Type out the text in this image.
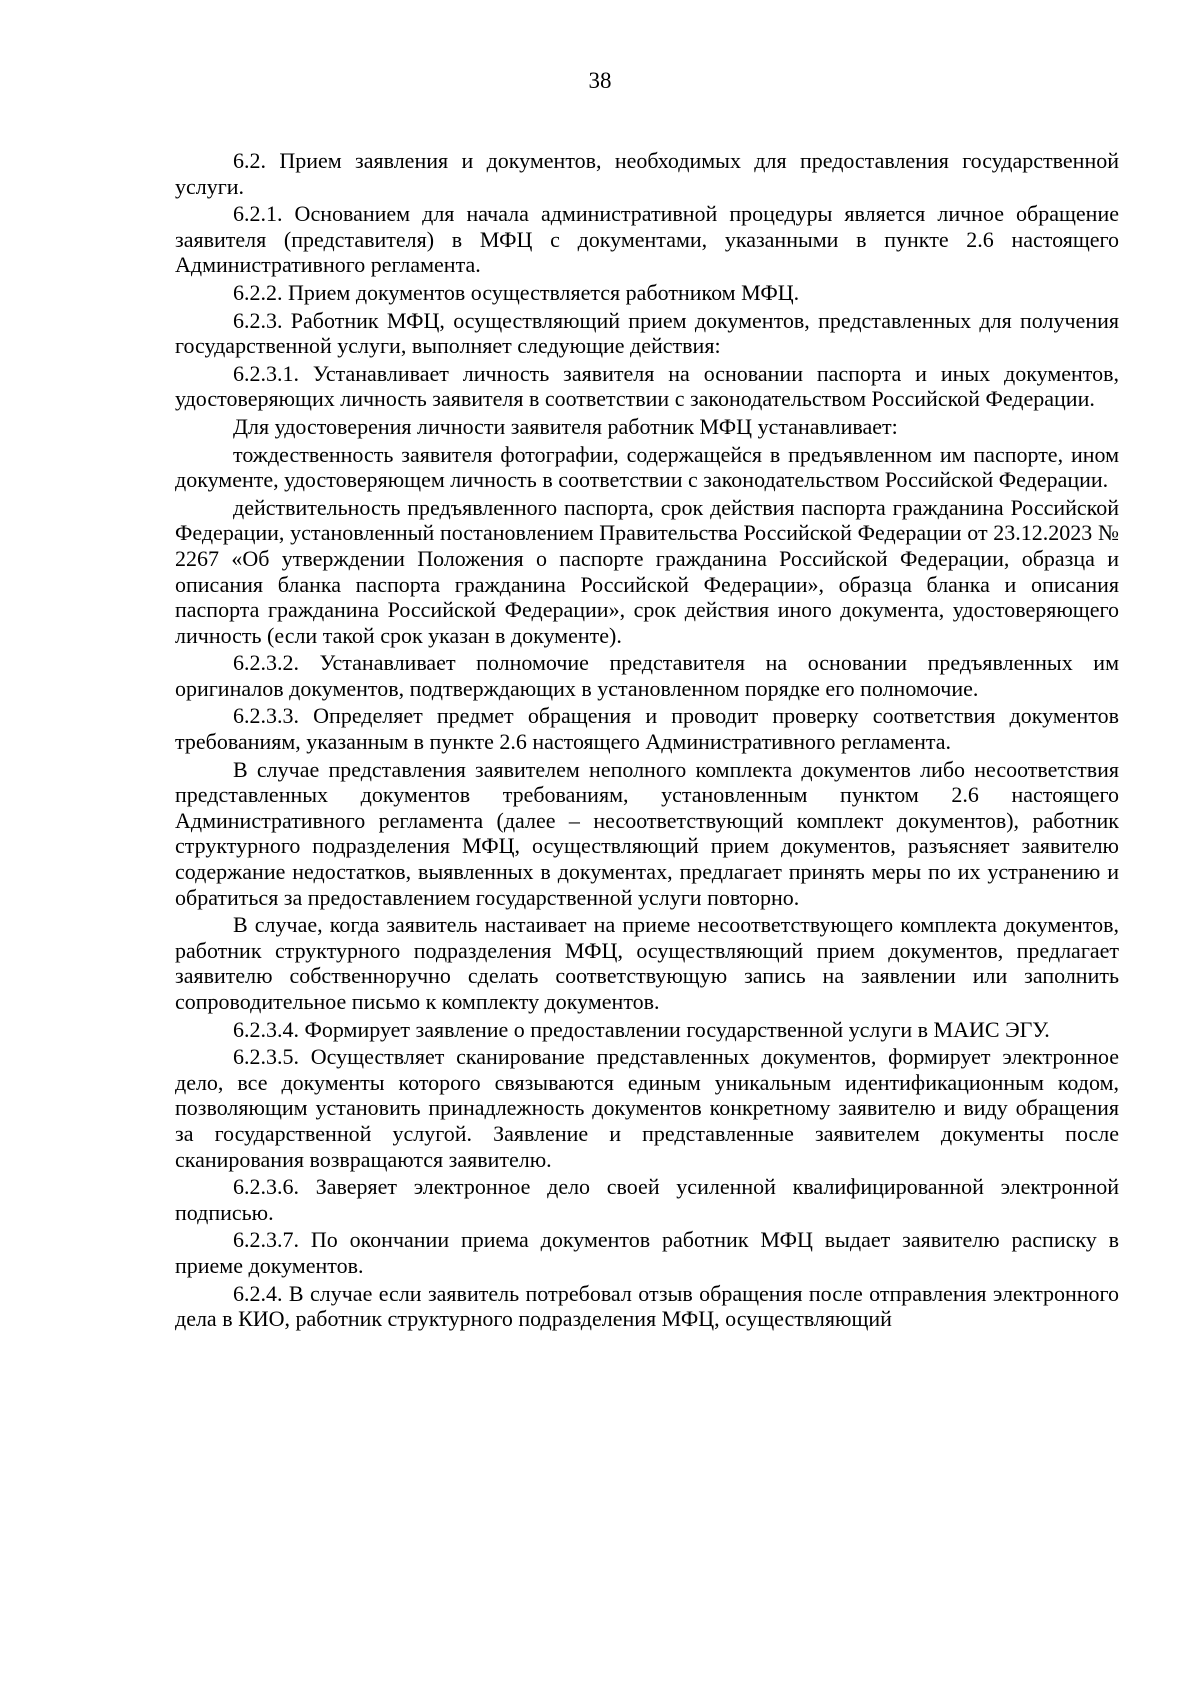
38

6.2. Прием заявления и документов, необходимых для предоставления государственной услуги.

6.2.1. Основанием для начала административной процедуры является личное обращение заявителя (представителя) в МФЦ с документами, указанными в пункте 2.6 настоящего Административного регламента.

6.2.2. Прием документов осуществляется работником МФЦ.

6.2.3. Работник МФЦ, осуществляющий прием документов, представленных для получения государственной услуги, выполняет следующие действия:

6.2.3.1. Устанавливает личность заявителя на основании паспорта и иных документов, удостоверяющих личность заявителя в соответствии с законодательством Российской Федерации.

Для удостоверения личности заявителя работник МФЦ устанавливает:

тождественность заявителя фотографии, содержащейся в предъявленном им паспорте, ином документе, удостоверяющем личность в соответствии с законодательством Российской Федерации.

действительность предъявленного паспорта, срок действия паспорта гражданина Российской Федерации, установленный постановлением Правительства Российской Федерации от 23.12.2023 № 2267 «Об утверждении Положения о паспорте гражданина Российской Федерации, образца и описания бланка паспорта гражданина Российской Федерации», образца бланка и описания паспорта гражданина Российской Федерации», срок действия иного документа, удостоверяющего личность (если такой срок указан в документе).

6.2.3.2. Устанавливает полномочие представителя на основании предъявленных им оригиналов документов, подтверждающих в установленном порядке его полномочие.

6.2.3.3. Определяет предмет обращения и проводит проверку соответствия документов требованиям, указанным в пункте 2.6 настоящего Административного регламента.

В случае представления заявителем неполного комплекта документов либо несоответствия представленных документов требованиям, установленным пунктом 2.6 настоящего Административного регламента (далее – несоответствующий комплект документов), работник структурного подразделения МФЦ, осуществляющий прием документов, разъясняет заявителю содержание недостатков, выявленных в документах, предлагает принять меры по их устранению и обратиться за предоставлением государственной услуги повторно.

В случае, когда заявитель настаивает на приеме несоответствующего комплекта документов, работник структурного подразделения МФЦ, осуществляющий прием документов, предлагает заявителю собственноручно сделать соответствующую запись на заявлении или заполнить сопроводительное письмо к комплекту документов.

6.2.3.4. Формирует заявление о предоставлении государственной услуги в МАИС ЭГУ.

6.2.3.5. Осуществляет сканирование представленных документов, формирует электронное дело, все документы которого связываются единым уникальным идентификационным кодом, позволяющим установить принадлежность документов конкретному заявителю и виду обращения за государственной услугой. Заявление и представленные заявителем документы после сканирования возвращаются заявителю.

6.2.3.6. Заверяет электронное дело своей усиленной квалифицированной электронной подписью.

6.2.3.7. По окончании приема документов работник МФЦ выдает заявителю расписку в приеме документов.

6.2.4. В случае если заявитель потребовал отзыв обращения после отправления электронного дела в КИО, работник структурного подразделения МФЦ, осуществляющий
